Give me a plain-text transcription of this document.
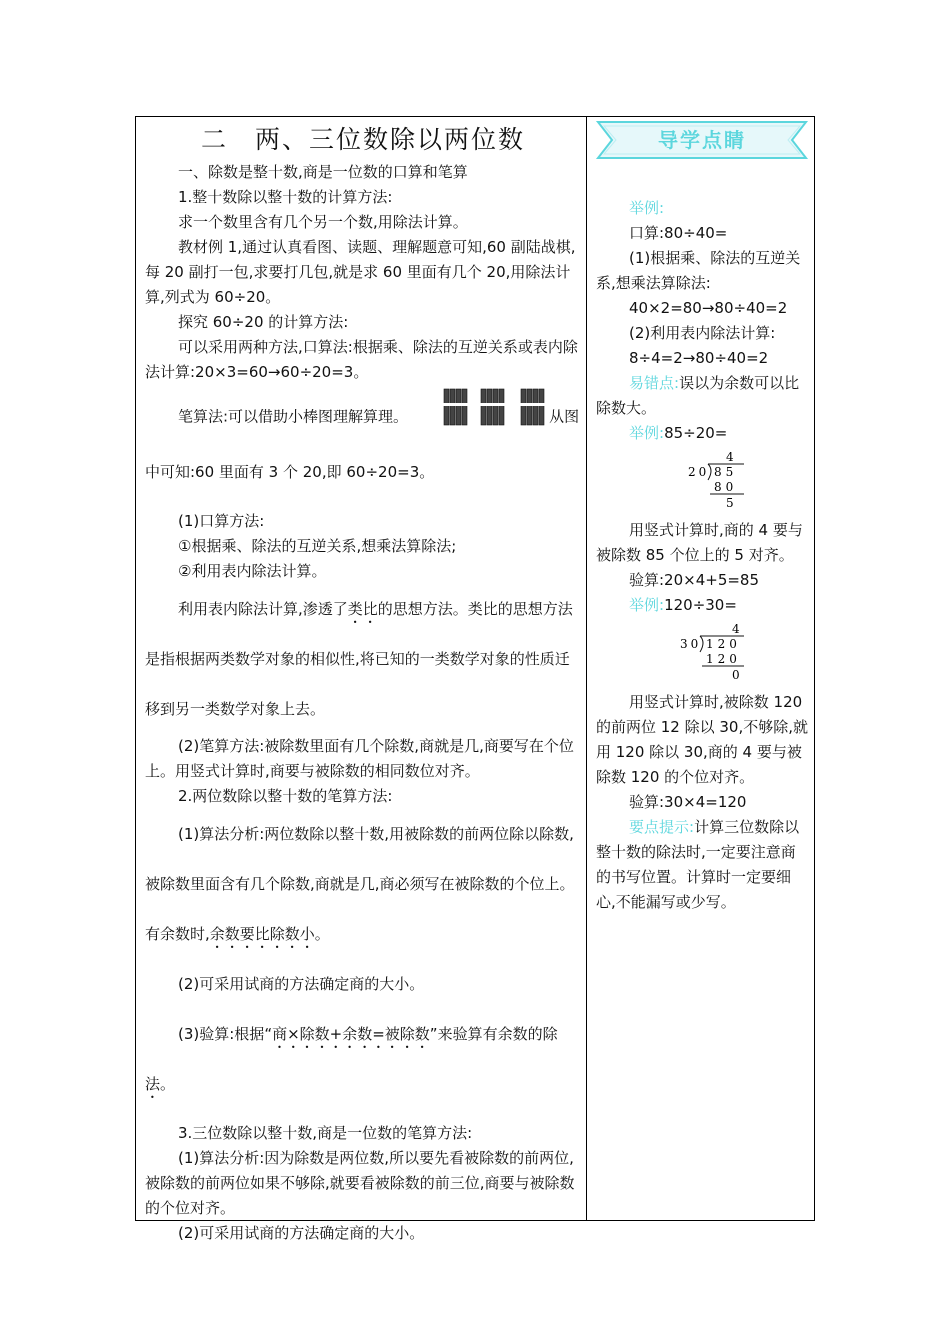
二　两、三位数除以两位数

一、除数是整十数,商是一位数的口算和笔算

1.整十数除以整十数的计算方法:

求一个数里含有几个另一个数,用除法计算。

教材例 1,通过认真看图、读题、理解题意可知,60 副陆战棋,每 20 副打一包,求要打几包,就是求 60 里面有几个 20,用除法计算,列式为 60÷20。

探究 60÷20 的计算方法:

可以采用两种方法,口算法:根据乘、除法的互逆关系或表内除法计算:20×3=60→60÷20=3。

笔算法:可以借助小棒图理解算理。	从图中可知:60 里面有 3 个 20,即 60÷20=3。

(1)口算方法:

①根据乘、除法的互逆关系,想乘法算除法;

②利用表内除法计算。

利用表内除法计算,渗透了类比的思想方法。类比的思想方法是指根据两类数学对象的相似性,将已知的一类数学对象的性质迁移到另一类数学对象上去。

(2)笔算方法:被除数里面有几个除数,商就是几,商要写在个位上。用竖式计算时,商要与被除数的相同数位对齐。

2.两位数除以整十数的笔算方法:

(1)算法分析:两位数除以整十数,用被除数的前两位除以除数,被除数里面含有几个除数,商就是几,商必须写在被除数的个位上。有余数时,余数要比除数小。

(2)可采用试商的方法确定商的大小。

(3)验算:根据“商×除数+余数=被除数”来验算有余数的除法。

3.三位数除以整十数,商是一位数的笔算方法:

(1)算法分析:因为除数是两位数,所以要先看被除数的前两位,被除数的前两位如果不够除,就要看被除数的前三位,商要与被除数的个位对齐。

(2)可采用试商的方法确定商的大小。

导学点睛

举例:

口算:80÷40=

(1)根据乘、除法的互逆关系,想乘法算除法:

40×2=80→80÷40=2

(2)利用表内除法计算:

8÷4=2→80÷40=2

易错点:误以为余数可以比除数大。

举例:85÷20=

4
20 85
80
5

用竖式计算时,商的 4 要与被除数 85 个位上的 5 对齐。

验算:20×4+5=85

举例:120÷30=

4
30 120
120
0

用竖式计算时,被除数 120 的前两位 12 除以 30,不够除,就用 120 除以 30,商的 4 要与被除数 120 的个位对齐。

验算:30×4=120

要点提示:计算三位数除以整十数的除法时,一定要注意商的书写位置。计算时一定要细心,不能漏写或少写。
